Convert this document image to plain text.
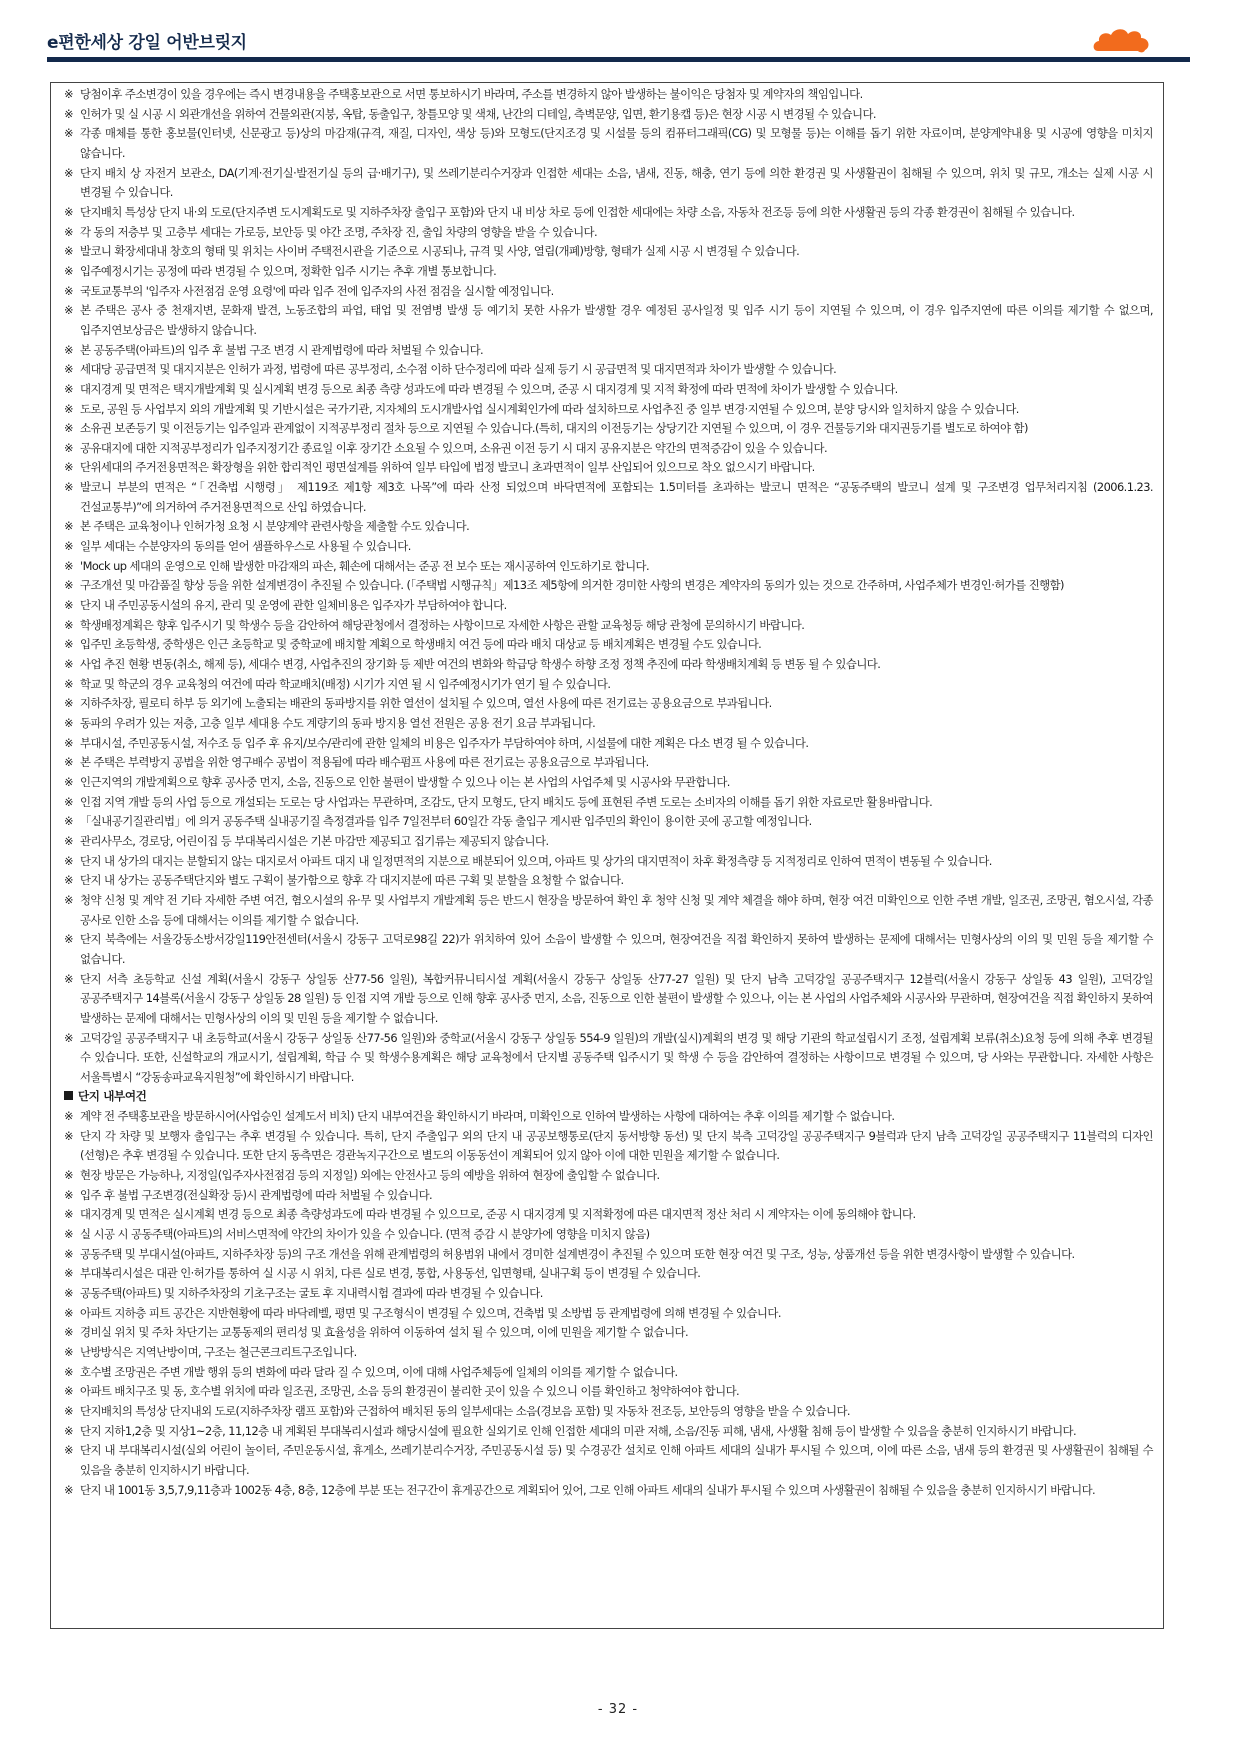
e편한세상 강일 어반브릿지
※ 당첨이후 주소변경이 있을 경우에는 즉시 변경내용을 주택홍보관으로 서면 통보하시기 바라며, 주소를 변경하지 않아 발생하는 불이익은 당첨자 및 계약자의 책임입니다.
※ 인허가 및 실 시공 시 외관개선을 위하여 건물외관(지붕, 옥탑, 동출입구, 창틀모양 및 색채, 난간의 디테일, 측벽문양, 입면, 환기용캡 등)은 현장 시공 시 변경될 수 있습니다.
※ 각종 매체를 통한 홍보물(인터넷, 신문광고 등)상의 마감재(규격, 재질, 디자인, 색상 등)와 모형도(단지조경 및 시설물 등의 컴퓨터그래픽(CG) 및 모형물 등)는 이해를 돕기 위한 자료이며, 분양계약내용 및 시공에 영향을 미치지 않습니다.
※ 단지 배치 상 자전거 보관소, DA(기계·전기실·발전기실 등의 급·배기구), 및 쓰레기분리수거장과 인접한 세대는 소음, 냄새, 진동, 해충, 연기 등에 의한 환경권 및 사생활권이 침해될 수 있으며, 위치 및 규모, 개소는 실제 시공 시 변경될 수 있습니다.
※ 단지배치 특성상 단지 내·외 도로(단지주변 도시계획도로 및 지하주차장 출입구 포함)와 단지 내 비상 차로 등에 인접한 세대에는 차량 소음, 자동차 전조등 등에 의한 사생활권 등의 각종 환경권이 침해될 수 있습니다.
※ 각 동의 저층부 및 고층부 세대는 가로등, 보안등 및 야간 조명, 주차장 진, 출입 차량의 영향을 받을 수 있습니다.
※ 발코니 확장세대내 창호의 형태 및 위치는 사이버 주택전시관을 기준으로 시공되나, 규격 및 사양, 열림(개폐)방향, 형태가 실제 시공 시 변경될 수 있습니다.
※ 입주예정시기는 공정에 따라 변경될 수 있으며, 정확한 입주 시기는 추후 개별 통보합니다.
※ 국토교통부의 '입주자 사전점검 운영 요령'에 따라 입주 전에 입주자의 사전 점검을 실시할 예정입니다.
※ 본 주택은 공사 중 천재지변, 문화재 발견, 노동조합의 파업, 태업 및 전염병 발생 등 예기치 못한 사유가 발생할 경우 예정된 공사일정 및 입주 시기 등이 지연될 수 있으며, 이 경우 입주지연에 따른 이의를 제기할 수 없으며, 입주지연보상금은 발생하지 않습니다.
※ 본 공동주택(아파트)의 입주 후 불법 구조 변경 시 관계법령에 따라 처벌될 수 있습니다.
※ 세대당 공급면적 및 대지지분은 인허가 과정, 법령에 따른 공부정리, 소수점 이하 단수정리에 따라 실제 등기 시 공급면적 및 대지면적과 차이가 발생할 수 있습니다.
※ 대지경계 및 면적은 택지개발계획 및 실시계획 변경 등으로 최종 측량 성과도에 따라 변경될 수 있으며, 준공 시 대지경계 및 지적 확정에 따라 면적에 차이가 발생할 수 있습니다.
※ 도로, 공원 등 사업부지 외의 개발계획 및 기반시설은 국가기관, 지자체의 도시개발사업 실시계획인가에 따라 설치하므로 사업추진 중 일부 변경·지연될 수 있으며, 분양 당시와 일치하지 않을 수 있습니다.
※ 소유권 보존등기 및 이전등기는 입주일과 관계없이 지적공부정리 절차 등으로 지연될 수 있습니다.(특히, 대지의 이전등기는 상당기간 지연될 수 있으며, 이 경우 건물등기와 대지권등기를 별도로 하여야 함)
※ 공유대지에 대한 지적공부정리가 입주지정기간 종료일 이후 장기간 소요될 수 있으며, 소유권 이전 등기 시 대지 공유지분은 약간의 면적증감이 있을 수 있습니다.
※ 단위세대의 주거전용면적은 확장형을 위한 합리적인 평면설계를 위하여 일부 타입에 법정 발코니 초과면적이 일부 산입되어 있으므로 착오 없으시기 바랍니다.
※ 발코니 부분의 면적은 “「건축법 시행령」 제119조 제1항 제3호 나목”에 따라 산정 되었으며 바닥면적에 포함되는 1.5미터를 초과하는 발코니 면적은 “공동주택의 발코니 설계 및 구조변경 업무처리지침 (2006.1.23. 건설교통부)”에 의거하여 주거전용면적으로 산입 하였습니다.
※ 본 주택은 교육청이나 인허가청 요청 시 분양계약 관련사항을 제출할 수도 있습니다.
※ 일부 세대는 수분양자의 동의를 얻어 샘플하우스로 사용될 수 있습니다.
※ 'Mock up 세대의 운영으로 인해 발생한 마감재의 파손, 훼손에 대해서는 준공 전 보수 또는 재시공하여 인도하기로 합니다.
※ 구조개선 및 마감품질 향상 등을 위한 설계변경이 추진될 수 있습니다. (「주택법 시행규칙」제13조 제5항에 의거한 경미한 사항의 변경은 계약자의 동의가 있는 것으로 간주하며, 사업주체가 변경인·허가를 진행함)
※ 단지 내 주민공동시설의 유지, 관리 및 운영에 관한 일체비용은 입주자가 부담하여야 합니다.
※ 학생배정계획은 향후 입주시기 및 학생수 등을 감안하여 해당관청에서 결정하는 사항이므로 자세한 사항은 관할 교육청등 해당 관청에 문의하시기 바랍니다.
※ 입주민 초등학생, 중학생은 인근 초등학교 및 중학교에 배치할 계획으로 학생배치 여건 등에 따라 배치 대상교 등 배치계획은 변경될 수도 있습니다.
※ 사업 추진 현황 변동(취소, 해제 등), 세대수 변경, 사업추진의 장기화 등 제반 여건의 변화와 학급당 학생수 하향 조정 정책 추진에 따라 학생배치계획 등 변동 될 수 있습니다.
※ 학교 및 학군의 경우 교육청의 여건에 따라 학교배치(배정) 시기가 지연 될 시 입주예정시기가 연기 될 수 있습니다.
※ 지하주차장, 필로티 하부 등 외기에 노출되는 배관의 동파방지를 위한 열선이 설치될 수 있으며, 열선 사용에 따른 전기료는 공용요금으로 부과됩니다.
※ 동파의 우려가 있는 저층, 고층 일부 세대용 수도 계량기의 동파 방지용 열선 전원은 공용 전기 요금 부과됩니다.
※ 부대시설, 주민공동시설, 저수조 등 입주 후 유지/보수/관리에 관한 일체의 비용은 입주자가 부담하여야 하며, 시설물에 대한 계획은 다소 변경 될 수 있습니다.
※ 본 주택은 부력방지 공법을 위한 영구배수 공법이 적용됨에 따라 배수펌프 사용에 따른 전기료는 공용요금으로 부과됩니다.
※ 인근지역의 개발계획으로 향후 공사중 먼지, 소음, 진동으로 인한 불편이 발생할 수 있으나 이는 본 사업의 사업주체 및 시공사와 무관합니다.
※ 인접 지역 개발 등의 사업 등으로 개설되는 도로는 당 사업과는 무관하며, 조감도, 단지 모형도, 단지 배치도 등에 표현된 주변 도로는 소비자의 이해를 돕기 위한 자료로만 활용바랍니다.
※ 「실내공기질관리법」에 의거 공동주택 실내공기질 측정결과를 입주 7일전부터 60일간 각동 출입구 게시판 입주민의 확인이 용이한 곳에 공고할 예정입니다.
※ 관리사무소, 경로당, 어린이집 등 부대복리시설은 기본 마감만 제공되고 집기류는 제공되지 않습니다.
※ 단지 내 상가의 대지는 분할되지 않는 대지로서 아파트 대지 내 일정면적의 지분으로 배분되어 있으며, 아파트 및 상가의 대지면적이 차후 확정측량 등 지적정리로 인하여 면적이 변동될 수 있습니다.
※ 단지 내 상가는 공동주택단지와 별도 구획이 불가함으로 향후 각 대지지분에 따른 구획 및 분할을 요청할 수 없습니다.
※ 청약 신청 및 계약 전 기타 자세한 주변 여건, 혐오시설의 유·무 및 사업부지 개발계획 등은 반드시 현장을 방문하여 확인 후 청약 신청 및 계약 체결을 해야 하며, 현장 여건 미확인으로 인한 주변 개발, 일조권, 조망권, 혐오시설, 각종 공사로 인한 소음 등에 대해서는 이의를 제기할 수 없습니다.
※ 단지 북측에는 서울강동소방서강일119안전센터(서울시 강동구 고덕로98길 22)가 위치하여 있어 소음이 발생할 수 있으며, 현장여건을 직접 확인하지 못하여 발생하는 문제에 대해서는 민형사상의 이의 및 민원 등을 제기할 수 없습니다.
※ 단지 서측 초등학교 신설 계획(서울시 강동구 상일동 산77-56 일원), 복합커뮤니티시설 계획(서울시 강동구 상일동 산77-27 일원) 및 단지 남측 고덕강일 공공주택지구 12블럭(서울시 강동구 상일동 43 일원), 고덕강일 공공주택지구 14블록(서울시 강동구 상일동 28 일원) 등 인접 지역 개발 등으로 인해 향후 공사중 먼지, 소음, 진동으로 인한 불편이 발생할 수 있으나, 이는 본 사업의 사업주체와 시공사와 무관하며, 현장여건을 직접 확인하지 못하여 발생하는 문제에 대해서는 민형사상의 이의 및 민원 등을 제기할 수 없습니다.
※ 고덕강일 공공주택지구 내 초등학교(서울시 강동구 상일동 산77-56 일원)와 중학교(서울시 강동구 상일동 554-9 일원)의 개발(실시)계획의 변경 및 해당 기관의 학교설립시기 조정, 설립계획 보류(취소)요청 등에 의해 추후 변경될 수 있습니다. 또한, 신설학교의 개교시기, 설립계획, 학급 수 및 학생수용계획은 해당 교육청에서 단지별 공동주택 입주시기 및 학생 수 등을 감안하여 결정하는 사항이므로 변경될 수 있으며, 당 사와는 무관합니다. 자세한 사항은 서울특별시 “강동송파교육지원청”에 확인하시기 바랍니다.
단지 내부여건
※ 계약 전 주택홍보관을 방문하시어(사업승인 설계도서 비치) 단지 내부여건을 확인하시기 바라며, 미확인으로 인하여 발생하는 사항에 대하여는 추후 이의를 제기할 수 없습니다.
※ 단지 각 차량 및 보행자 출입구는 추후 변경될 수 있습니다. 특히, 단지 주출입구 외의 단지 내 공공보행통로(단지 동서방향 동선) 및 단지 북측 고덕강일 공공주택지구 9블럭과 단지 남측 고덕강일 공공주택지구 11블럭의 디자인(선형)은 추후 변경될 수 있습니다. 또한 단지 동측면은 경관녹지구간으로 별도의 이동동선이 계획되어 있지 않아 이에 대한 민원을 제기할 수 없습니다.
※ 현장 방문은 가능하나, 지정일(입주자사전점검 등의 지정일) 외에는 안전사고 등의 예방을 위하여 현장에 출입할 수 없습니다.
※ 입주 후 불법 구조변경(전실확장 등)시 관계법령에 따라 처벌될 수 있습니다.
※ 대지경계 및 면적은 실시계획 변경 등으로 최종 측량성과도에 따라 변경될 수 있으므로, 준공 시 대지경계 및 지적확정에 따른 대지면적 정산 처리 시 계약자는 이에 동의해야 합니다.
※ 실 시공 시 공동주택(아파트)의 서비스면적에 약간의 차이가 있을 수 있습니다. (면적 증감 시 분양가에 영향을 미치지 않음)
※ 공동주택 및 부대시설(아파트, 지하주차장 등)의 구조 개선을 위해 관계법령의 허용범위 내에서 경미한 설계변경이 추진될 수 있으며 또한 현장 여건 및 구조, 성능, 상품개선 등을 위한 변경사항이 발생할 수 있습니다.
※ 부대복리시설은 대관 인·허가를 통하여 실 시공 시 위치, 다른 실로 변경, 통합, 사용동선, 입면형태, 실내구획 등이 변경될 수 있습니다.
※ 공동주택(아파트) 및 지하주차장의 기초구조는 굴토 후 지내력시험 결과에 따라 변경될 수 있습니다.
※ 아파트 지하층 피트 공간은 지반현황에 따라 바닥레벨, 평면 및 구조형식이 변경될 수 있으며, 건축법 및 소방법 등 관계법령에 의해 변경될 수 있습니다.
※ 경비실 위치 및 주차 차단기는 교통동제의 편리성 및 효율성을 위하여 이동하여 설치 될 수 있으며, 이에 민원을 제기할 수 없습니다.
※ 난방방식은 지역난방이며, 구조는 철근콘크리트구조입니다.
※ 호수별 조망권은 주변 개발 행위 등의 변화에 따라 달라 질 수 있으며, 이에 대해 사업주체등에 일체의 이의를 제기할 수 없습니다.
※ 아파트 배치구조 및 동, 호수별 위치에 따라 일조권, 조망권, 소음 등의 환경권이 불리한 곳이 있을 수 있으니 이를 확인하고 청약하여야 합니다.
※ 단지배치의 특성상 단지내외 도로(지하주차장 램프 포함)와 근접하여 배치된 동의 일부세대는 소음(경보음 포함) 및 자동차 전조등, 보안등의 영향을 받을 수 있습니다.
※ 단지 지하1,2층 및 지상1~2층, 11,12층 내 계획된 부대복리시설과 해당시설에 필요한 실외기로 인해 인접한 세대의 미관 저해, 소음/진동 피해, 냄새, 사생활 침해 등이 발생할 수 있음을 충분히 인지하시기 바랍니다.
※ 단지 내 부대복리시설(실외 어린이 놀이터, 주민운동시설, 휴게소, 쓰레기분리수거장, 주민공동시설 등) 및 수경공간 설치로 인해 아파트 세대의 실내가 투시될 수 있으며, 이에 따른 소음, 냄새 등의 환경권 및 사생활권이 침해될 수 있음을 충분히 인지하시기 바랍니다.
※ 단지 내 1001동 3,5,7,9,11층과 1002동 4층, 8층, 12층에 부분 또는 전구간이 휴게공간으로 계획되어 있어, 그로 인해 아파트 세대의 실내가 투시될 수 있으며 사생활권이 침해될 수 있음을 충분히 인지하시기 바랍니다.
- 32 -
